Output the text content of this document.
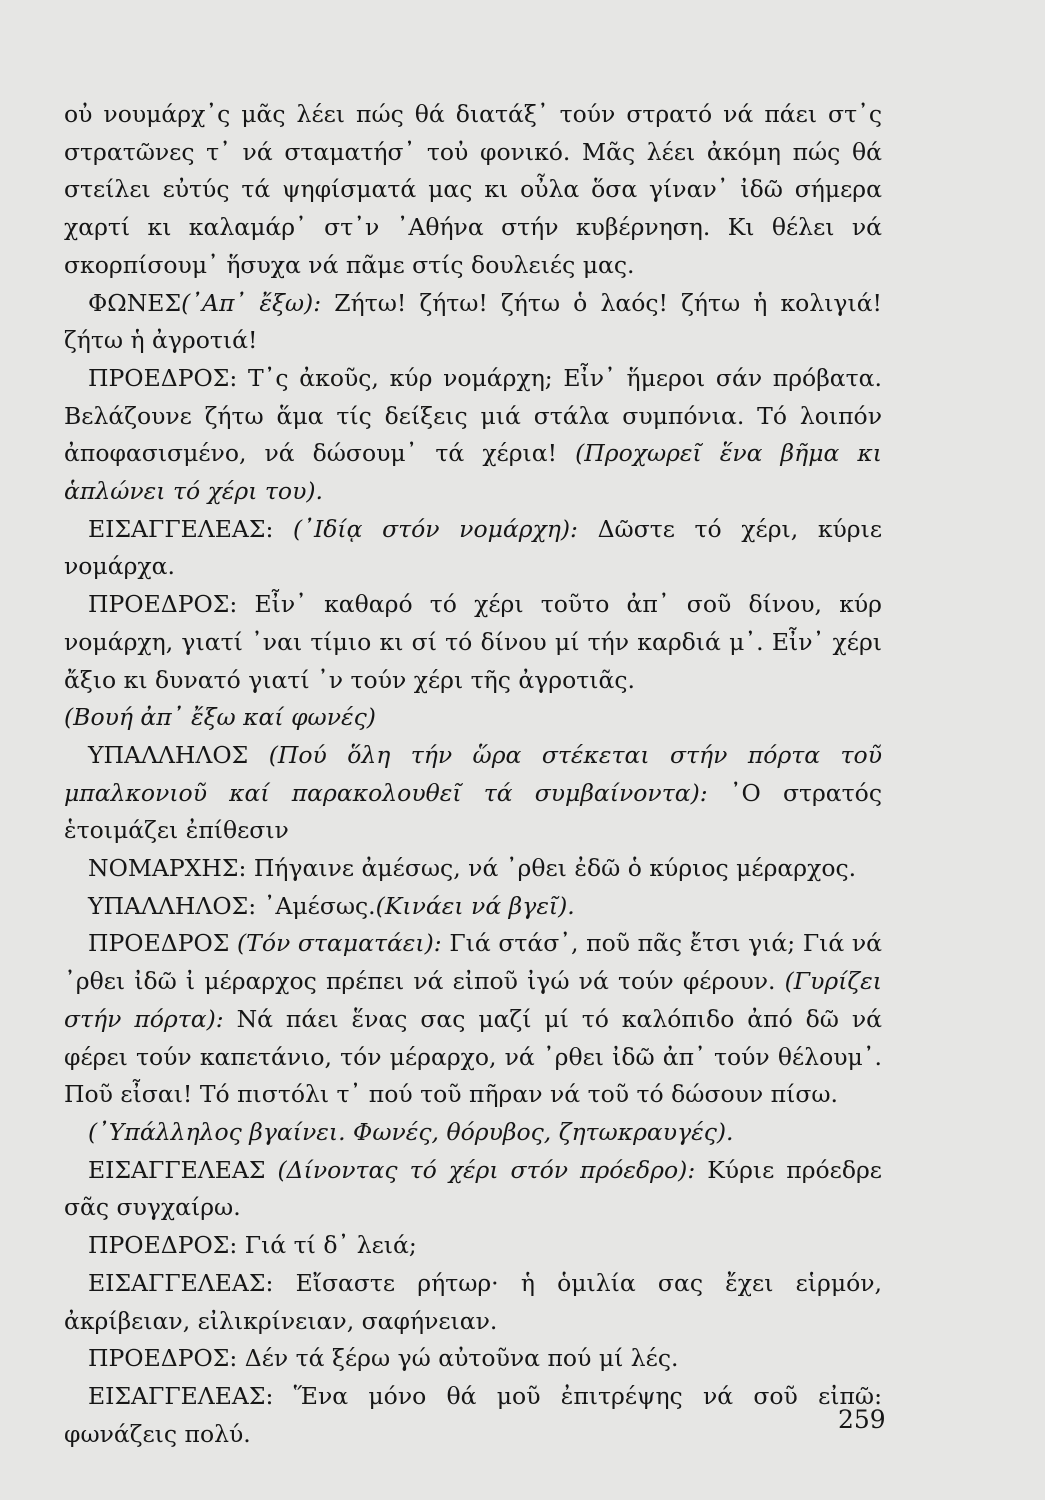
οὐ νουμάρχ᾿ς μᾶς λέει πώς θά διατάξ᾿ τούν στρατό νά πάει στ᾿ς στρατῶνες τ᾿ νά σταματήσ᾿ τοὐ φονικό. Μᾶς λέει ἀκόμη πώς θά στείλει εὐτύς τά ψηφίσματά μας κι οὖλα ὅσα γίναν᾿ ἰδῶ σήμερα χαρτί κι καλαμάρ᾿ στ᾿ν ᾿Αθήνα στήν κυβέρνηση. Κι θέλει νά σκορπίσουμ᾿ ἥσυχα νά πᾶμε στίς δουλειές μας.

ΦΩΝΕΣ(᾿Απ᾿ ἔξω): Ζήτω! ζήτω! ζήτω ὁ λαός! ζήτω ἡ κολιγιά! ζήτω ἡ ἀγροτιά!

ΠΡΟΕΔΡΟΣ: Τ᾿ς ἀκοῦς, κύρ νομάρχη; Εἶν᾿ ἥμεροι σάν πρόβατα. Βελάζουνε ζήτω ἅμα τίς δείξεις μιά στάλα συμπόνια. Τό λοιπόν ἀποφασισμένο, νά δώσουμ᾿ τά χέρια! (Προχωρεῖ ἕνα βῆμα κι ἁπλώνει τό χέρι του).

ΕΙΣΑΓΓΕΛΕΑΣ: (᾿Ιδίᾳ στόν νομάρχη): Δῶστε τό χέρι, κύριε νομάρχα.

ΠΡΟΕΔΡΟΣ: Εἶν᾿ καθαρό τό χέρι τοῦτο ἀπ᾿ σοῦ δίνου, κύρ νομάρχη, γιατί ᾿ναι τίμιο κι σί τό δίνου μί τήν καρδιά μ᾿. Εἶν᾿ χέρι ἄξιο κι δυνατό γιατί ᾿ν τούν χέρι τῆς ἀγροτιᾶς.

(Βουή ἀπ᾿ ἔξω καί φωνές)

ΥΠΑΛΛΗΛΟΣ (Πού ὅλη τήν ὥρα στέκεται στήν πόρτα τοῦ μπαλκονιοῦ καί παρακολουθεῖ τά συμβαίνοντα): ᾿Ο στρατός ἑτοιμάζει ἐπίθεσιν

ΝΟΜΑΡΧΗΣ: Πήγαινε ἀμέσως, νά ᾿ρθει ἐδῶ ὁ κύριος μέραρχος.

ΥΠΑΛΛΗΛΟΣ: ᾿Αμέσως.(Κινάει νά βγεῖ).

ΠΡΟΕΔΡΟΣ (Τόν σταματάει): Γιά στάσ᾿, ποῦ πᾶς ἔτσι γιά; Γιά νά ᾿ρθει ἰδῶ ἰ μέραρχος πρέπει νά εἰποῦ ἰγώ νά τούν φέρουν. (Γυρίζει στήν πόρτα): Νά πάει ἕνας σας μαζί μί τό καλόπιδο ἀπό δῶ νά φέρει τούν καπετάνιο, τόν μέραρχο, νά ᾿ρθει ἰδῶ ἀπ᾿ τούν θέλουμ᾿. Ποῦ εἶσαι! Τό πιστόλι τ᾿ πού τοῦ πῆραν νά τοῦ τό δώσουν πίσω.

(᾿Υπάλληλος βγαίνει. Φωνές, θόρυβος, ζητωκραυγές).

ΕΙΣΑΓΓΕΛΕΑΣ (Δίνοντας τό χέρι στόν πρόεδρο): Κύριε πρόεδρε σᾶς συγχαίρω.

ΠΡΟΕΔΡΟΣ: Γιά τί δ᾿ λειά;

ΕΙΣΑΓΓΕΛΕΑΣ: Εἴσαστε ρήτωρ· ἡ ὁμιλία σας ἔχει εἱρμόν, ἀκρίβειαν, εἰλικρίνειαν, σαφήνειαν.

ΠΡΟΕΔΡΟΣ: Δέν τά ξέρω γώ αὐτοῦνα πού μί λές.

ΕΙΣΑΓΓΕΛΕΑΣ: Ἕνα μόνο θά μοῦ ἐπιτρέψης νά σοῦ εἰπῶ: φωνάζεις πολύ.	259
